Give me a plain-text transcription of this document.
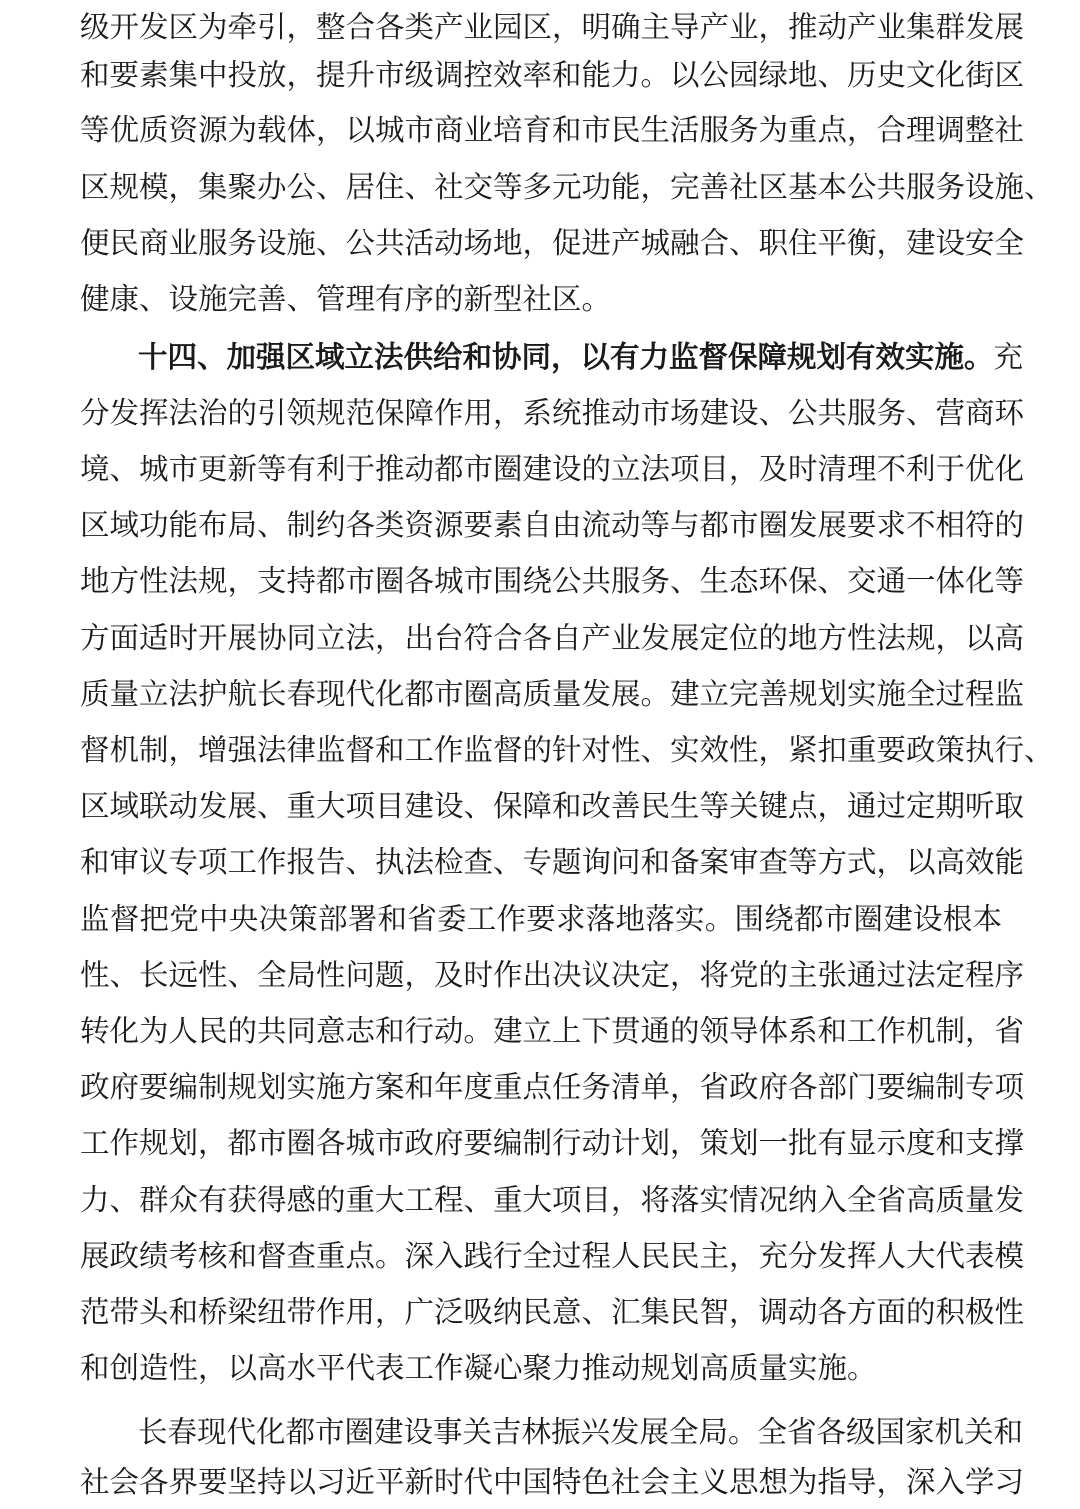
级开发区为牵引，整合各类产业园区，明确主导产业，推动产业集群发展
和要素集中投放，提升市级调控效率和能力。以公园绿地、历史文化街区
等优质资源为载体，以城市商业培育和市民生活服务为重点，合理调整社
区规模，集聚办公、居住、社交等多元功能，完善社区基本公共服务设施、
便民商业服务设施、公共活动场地，促进产城融合、职住平衡，建设安全
健康、设施完善、管理有序的新型社区。
十四、加强区域立法供给和协同，以有力监督保障规划有效实施。充
分发挥法治的引领规范保障作用，系统推动市场建设、公共服务、营商环
境、城市更新等有利于推动都市圈建设的立法项目，及时清理不利于优化
区域功能布局、制约各类资源要素自由流动等与都市圈发展要求不相符的
地方性法规，支持都市圈各城市围绕公共服务、生态环保、交通一体化等
方面适时开展协同立法，出台符合各自产业发展定位的地方性法规，以高
质量立法护航长春现代化都市圈高质量发展。建立完善规划实施全过程监
督机制，增强法律监督和工作监督的针对性、实效性，紧扣重要政策执行、
区域联动发展、重大项目建设、保障和改善民生等关键点，通过定期听取
和审议专项工作报告、执法检查、专题询问和备案审查等方式，以高效能
监督把党中央决策部署和省委工作要求落地落实。围绕都市圈建设根本
性、长远性、全局性问题，及时作出决议决定，将党的主张通过法定程序
转化为人民的共同意志和行动。建立上下贯通的领导体系和工作机制，省
政府要编制规划实施方案和年度重点任务清单，省政府各部门要编制专项
工作规划，都市圈各城市政府要编制行动计划，策划一批有显示度和支撑
力、群众有获得感的重大工程、重大项目，将落实情况纳入全省高质量发
展政绩考核和督查重点。深入践行全过程人民民主，充分发挥人大代表模
范带头和桥梁纽带作用，广泛吸纳民意、汇集民智，调动各方面的积极性
和创造性，以高水平代表工作凝心聚力推动规划高质量实施。
长春现代化都市圈建设事关吉林振兴发展全局。全省各级国家机关和
社会各界要坚持以习近平新时代中国特色社会主义思想为指导，深入学习
